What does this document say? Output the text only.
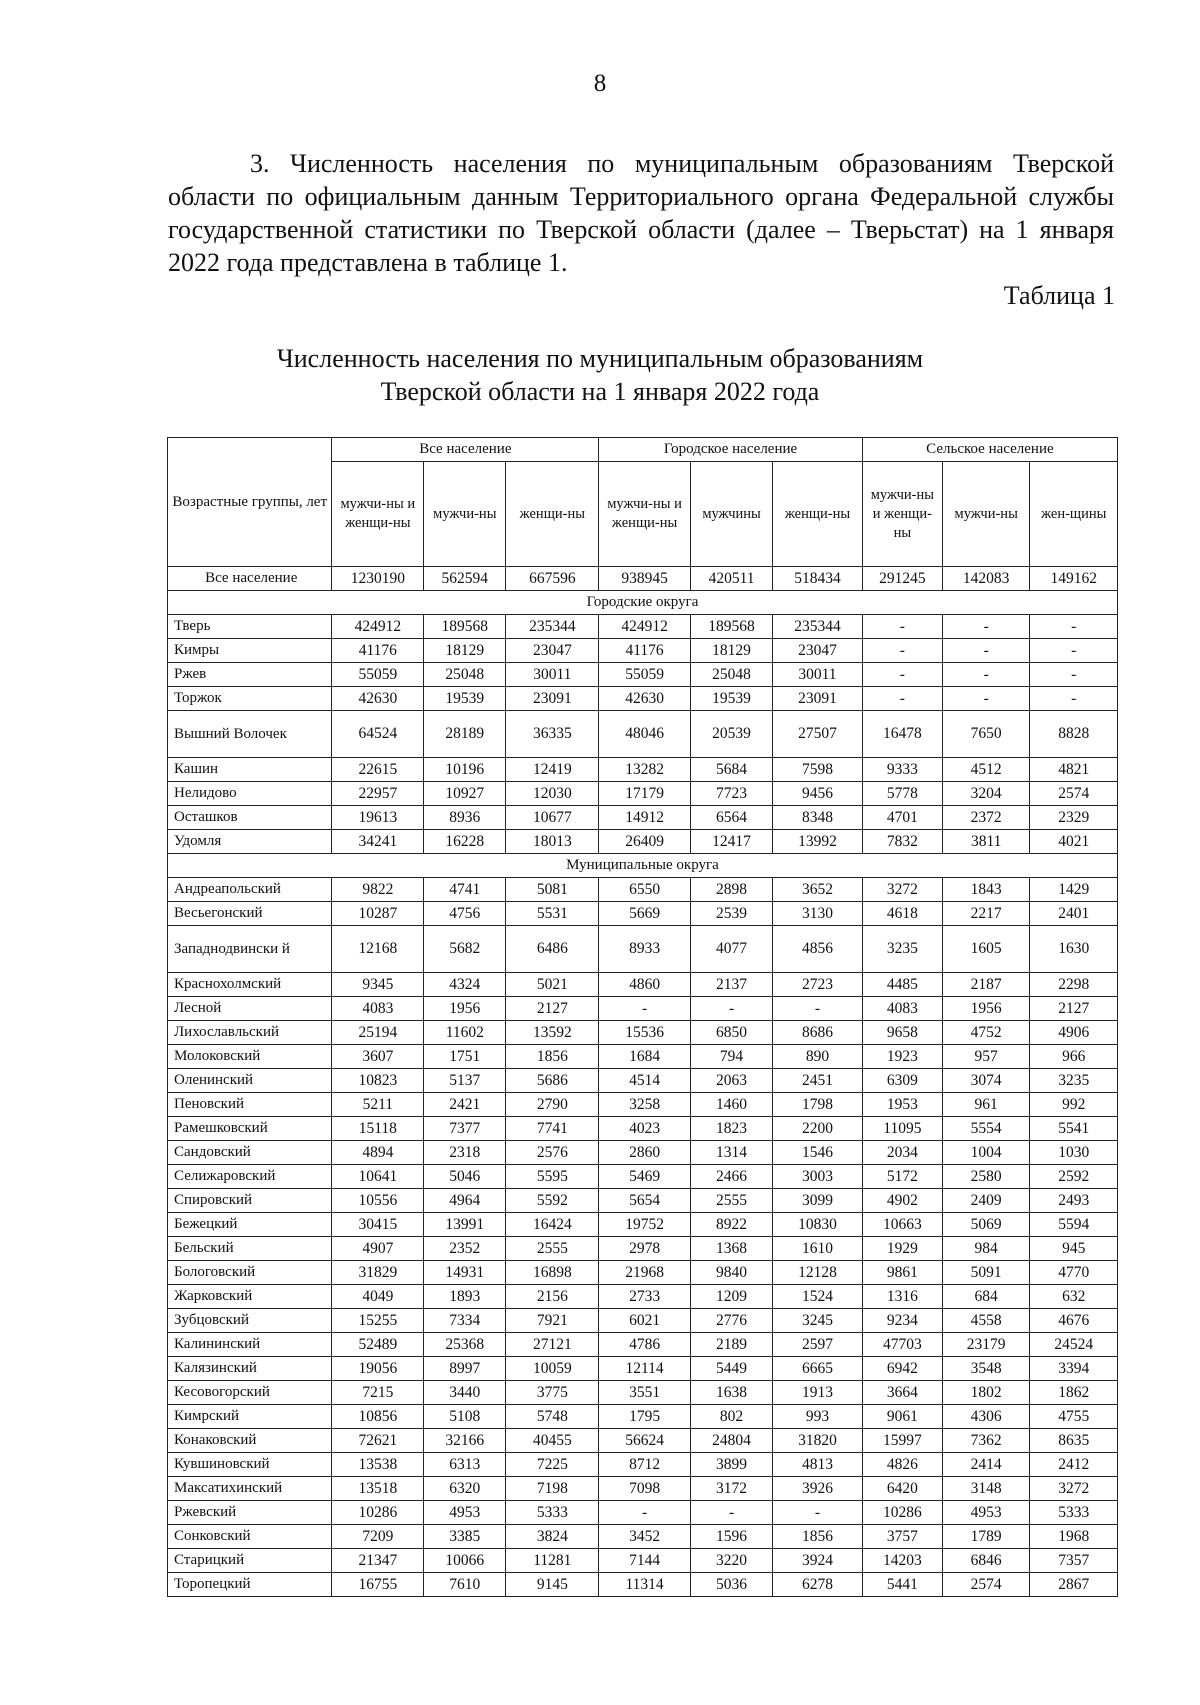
8

3. Численность населения по муниципальным образованиям Тверской области по официальным данным Территориального органа Федеральной службы государственной статистики по Тверской области (далее – Тверьстат) на 1 января 2022 года представлена в таблице 1.

Таблица 1
Численность населения по муниципальным образованиям
Тверской области на 1 января 2022 года
Возрастные группы, лет	Все население			Городское население			Сельское население		
	мужчи-ны и женщи-ны	мужчи-ны	женщи-ны	мужчи-ны и женщи-ны	мужчины	женщи-ны	мужчи-ны и женщи-ны	мужчи-ны	жен-щины
Все население	1230190	562594	667596	938945	420511	518434	291245	142083	149162
Городские округа									
Тверь	424912	189568	235344	424912	189568	235344	-	-	-
Кимры	41176	18129	23047	41176	18129	23047	-	-	-
Ржев	55059	25048	30011	55059	25048	30011	-	-	-
Торжок	42630	19539	23091	42630	19539	23091	-	-	-
Вышний Волочек	64524	28189	36335	48046	20539	27507	16478	7650	8828
Кашин	22615	10196	12419	13282	5684	7598	9333	4512	4821
Нелидово	22957	10927	12030	17179	7723	9456	5778	3204	2574
Осташков	19613	8936	10677	14912	6564	8348	4701	2372	2329
Удомля	34241	16228	18013	26409	12417	13992	7832	3811	4021
Муниципальные округа									
Андреапольский	9822	4741	5081	6550	2898	3652	3272	1843	1429
Весьегонский	10287	4756	5531	5669	2539	3130	4618	2217	2401
Западнодвински й	12168	5682	6486	8933	4077	4856	3235	1605	1630
Краснохолмский	9345	4324	5021	4860	2137	2723	4485	2187	2298
Лесной	4083	1956	2127	-	-	-	4083	1956	2127
Лихославльский	25194	11602	13592	15536	6850	8686	9658	4752	4906
Молоковский	3607	1751	1856	1684	794	890	1923	957	966
Оленинский	10823	5137	5686	4514	2063	2451	6309	3074	3235
Пеновский	5211	2421	2790	3258	1460	1798	1953	961	992
Рамешковский	15118	7377	7741	4023	1823	2200	11095	5554	5541
Сандовский	4894	2318	2576	2860	1314	1546	2034	1004	1030
Селижаровский	10641	5046	5595	5469	2466	3003	5172	2580	2592
Спировский	10556	4964	5592	5654	2555	3099	4902	2409	2493
Бежецкий	30415	13991	16424	19752	8922	10830	10663	5069	5594
Бельский	4907	2352	2555	2978	1368	1610	1929	984	945
Бологовский	31829	14931	16898	21968	9840	12128	9861	5091	4770
Жарковский	4049	1893	2156	2733	1209	1524	1316	684	632
Зубцовский	15255	7334	7921	6021	2776	3245	9234	4558	4676
Калининский	52489	25368	27121	4786	2189	2597	47703	23179	24524
Калязинский	19056	8997	10059	12114	5449	6665	6942	3548	3394
Кесовогорский	7215	3440	3775	3551	1638	1913	3664	1802	1862
Кимрский	10856	5108	5748	1795	802	993	9061	4306	4755
Конаковский	72621	32166	40455	56624	24804	31820	15997	7362	8635
Кувшиновский	13538	6313	7225	8712	3899	4813	4826	2414	2412
Максатихинский	13518	6320	7198	7098	3172	3926	6420	3148	3272
Ржевский	10286	4953	5333	-	-	-	10286	4953	5333
Сонковский	7209	3385	3824	3452	1596	1856	3757	1789	1968
Старицкий	21347	10066	11281	7144	3220	3924	14203	6846	7357
Торопецкий	16755	7610	9145	11314	5036	6278	5441	2574	2867
